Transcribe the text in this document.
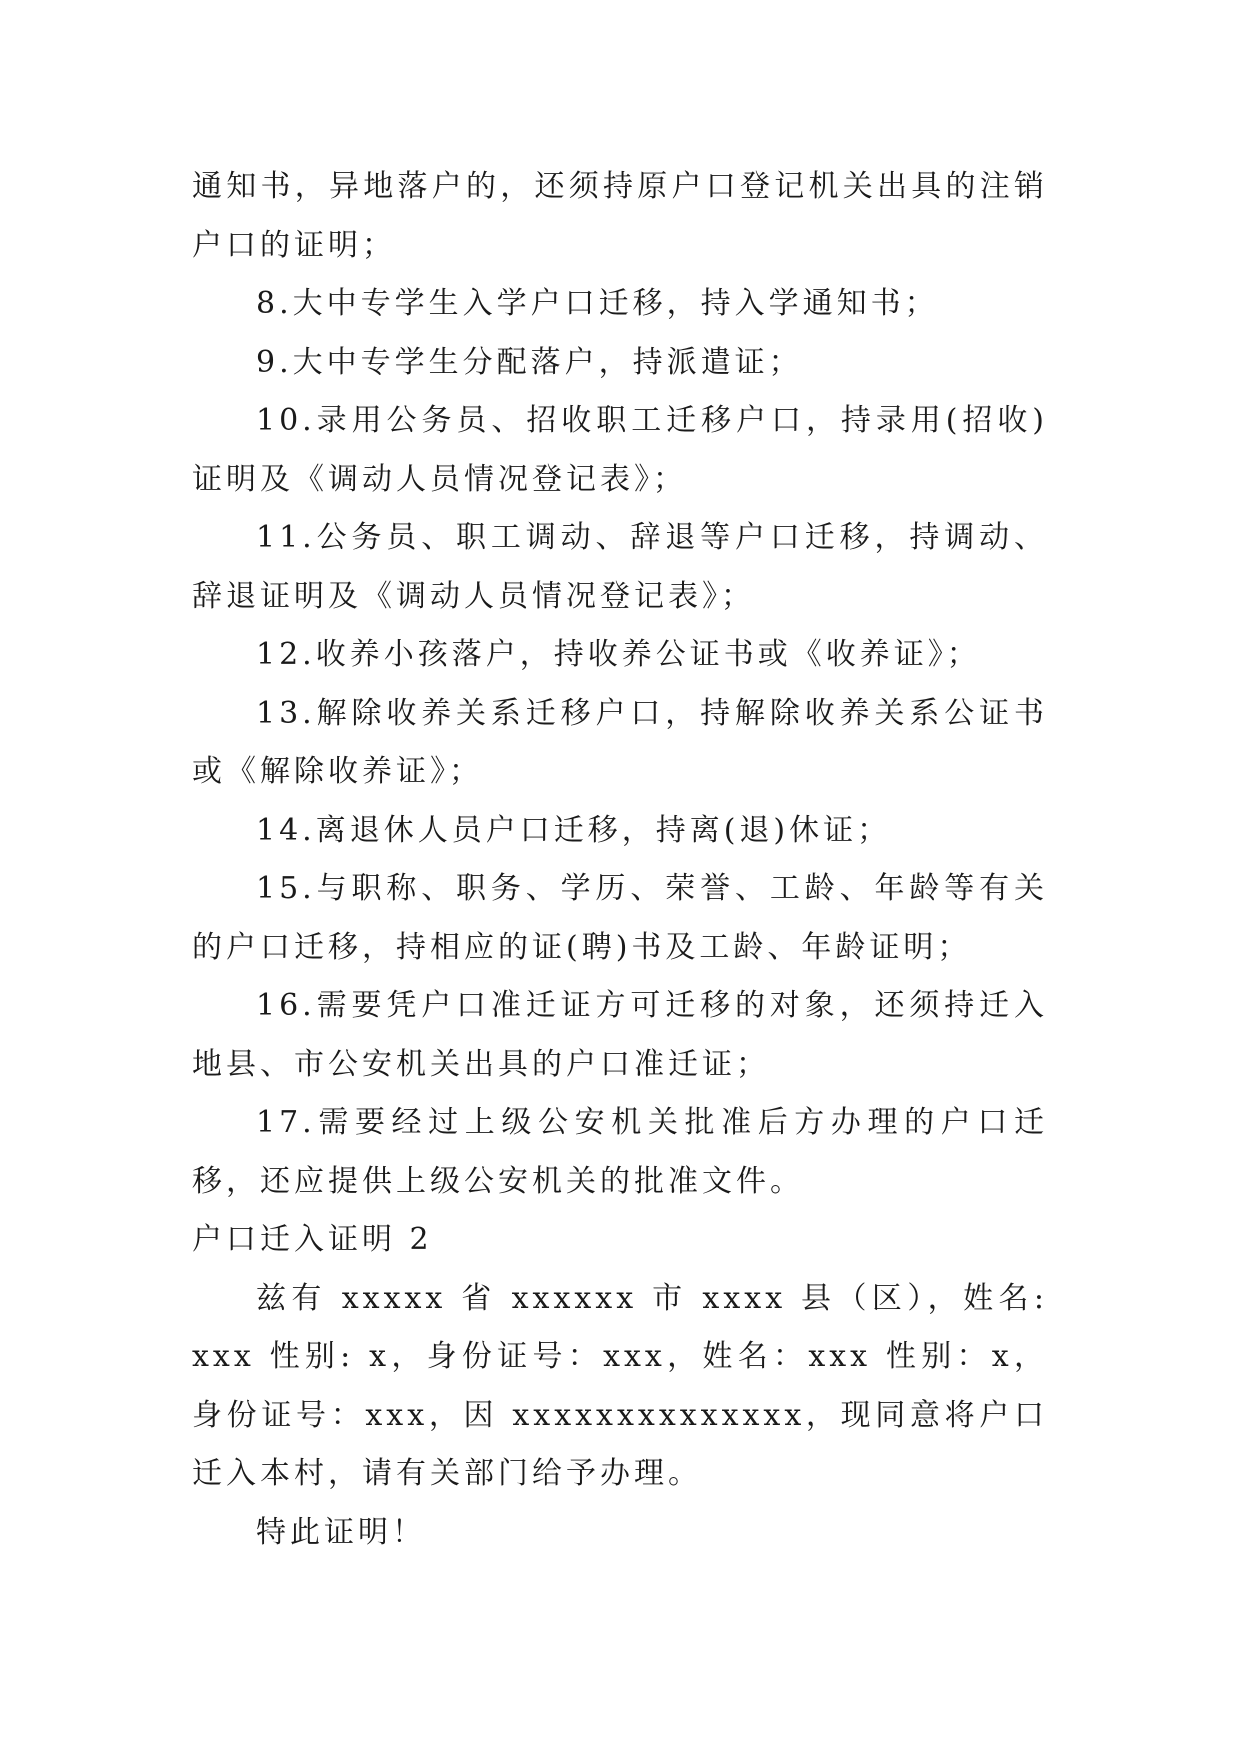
通知书，异地落户的，还须持原户口登记机关出具的注销户口的证明；

8.大中专学生入学户口迁移，持入学通知书；

9.大中专学生分配落户，持派遣证；

10.录用公务员、招收职工迁移户口，持录用(招收)证明及《调动人员情况登记表》；

11.公务员、职工调动、辞退等户口迁移，持调动、辞退证明及《调动人员情况登记表》；

12.收养小孩落户，持收养公证书或《收养证》；

13.解除收养关系迁移户口，持解除收养关系公证书或《解除收养证》；

14.离退休人员户口迁移，持离(退)休证；

15.与职称、职务、学历、荣誉、工龄、年龄等有关的户口迁移，持相应的证(聘)书及工龄、年龄证明；

16.需要凭户口准迁证方可迁移的对象，还须持迁入地县、市公安机关出具的户口准迁证；

17.需要经过上级公安机关批准后方办理的户口迁移，还应提供上级公安机关的批准文件。

户口迁入证明 2

兹有 xxxxx 省 xxxxxx 市 xxxx 县（区），姓名: xxx 性别: x，身份证号：xxx，姓名：xxx 性别：x，身份证号：xxx，因 xxxxxxxxxxxxxx，现同意将户口迁入本村，请有关部门给予办理。

特此证明！
